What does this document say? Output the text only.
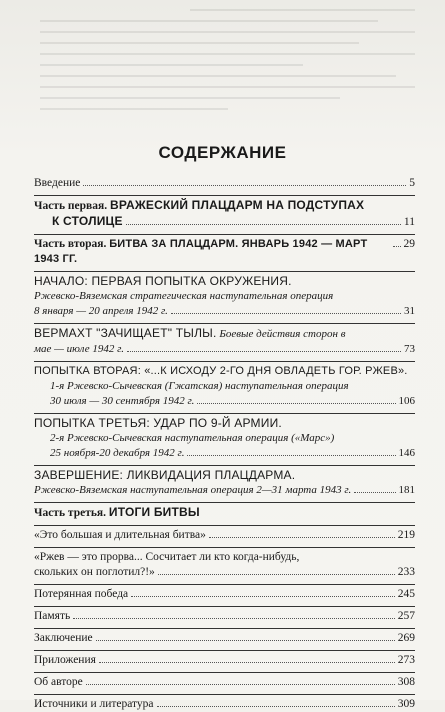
СОДЕРЖАНИЕ
Введение	5
Часть первая. ВРАЖЕСКИЙ ПЛАЦДАРМ НА ПОДСТУПАХ
К СТОЛИЦЕ	11
Часть вторая. БИТВА ЗА ПЛАЦДАРМ. ЯНВАРЬ 1942 — МАРТ 1943 ГГ.
29
НАЧАЛО: ПЕРВАЯ ПОПЫТКА ОКРУЖЕНИЯ.
Ржевско-Вяземская стратегическая наступательная операция
8 января — 20 апреля 1942 г.	31
ВЕРМАХТ "ЗАЧИЩАЕТ" ТЫЛЫ.
Боевые действия сторон в
мае — июле 1942 г.	73
ПОПЫТКА ВТОРАЯ: «...К ИСХОДУ 2-ГО ДНЯ ОВЛАДЕТЬ ГОР. РЖЕВ».
1-я Ржевско-Сычевская (Гжатская) наступательная операция
30 июля — 30 сентября 1942 г.	106
ПОПЫТКА ТРЕТЬЯ: УДАР ПО 9-Й АРМИИ.
2-я Ржевско-Сычевская наступательная операция («Марс»)
25 ноября-20 декабря 1942 г.	146
ЗАВЕРШЕНИЕ: ЛИКВИДАЦИЯ ПЛАЦДАРМА.
Ржевско-Вяземская наступательная операция 2—31 марта 1943 г.	181
Часть третья. ИТОГИ БИТВЫ
«Это большая и длительная битва»	219
«Ржев — это прорва... Сосчитает ли кто когда-нибудь,
скольких он поглотил?!»	233
Потерянная победа	245
Память	257
Заключение	269
Приложения	273
Об авторе	308
Источники и литература	309
